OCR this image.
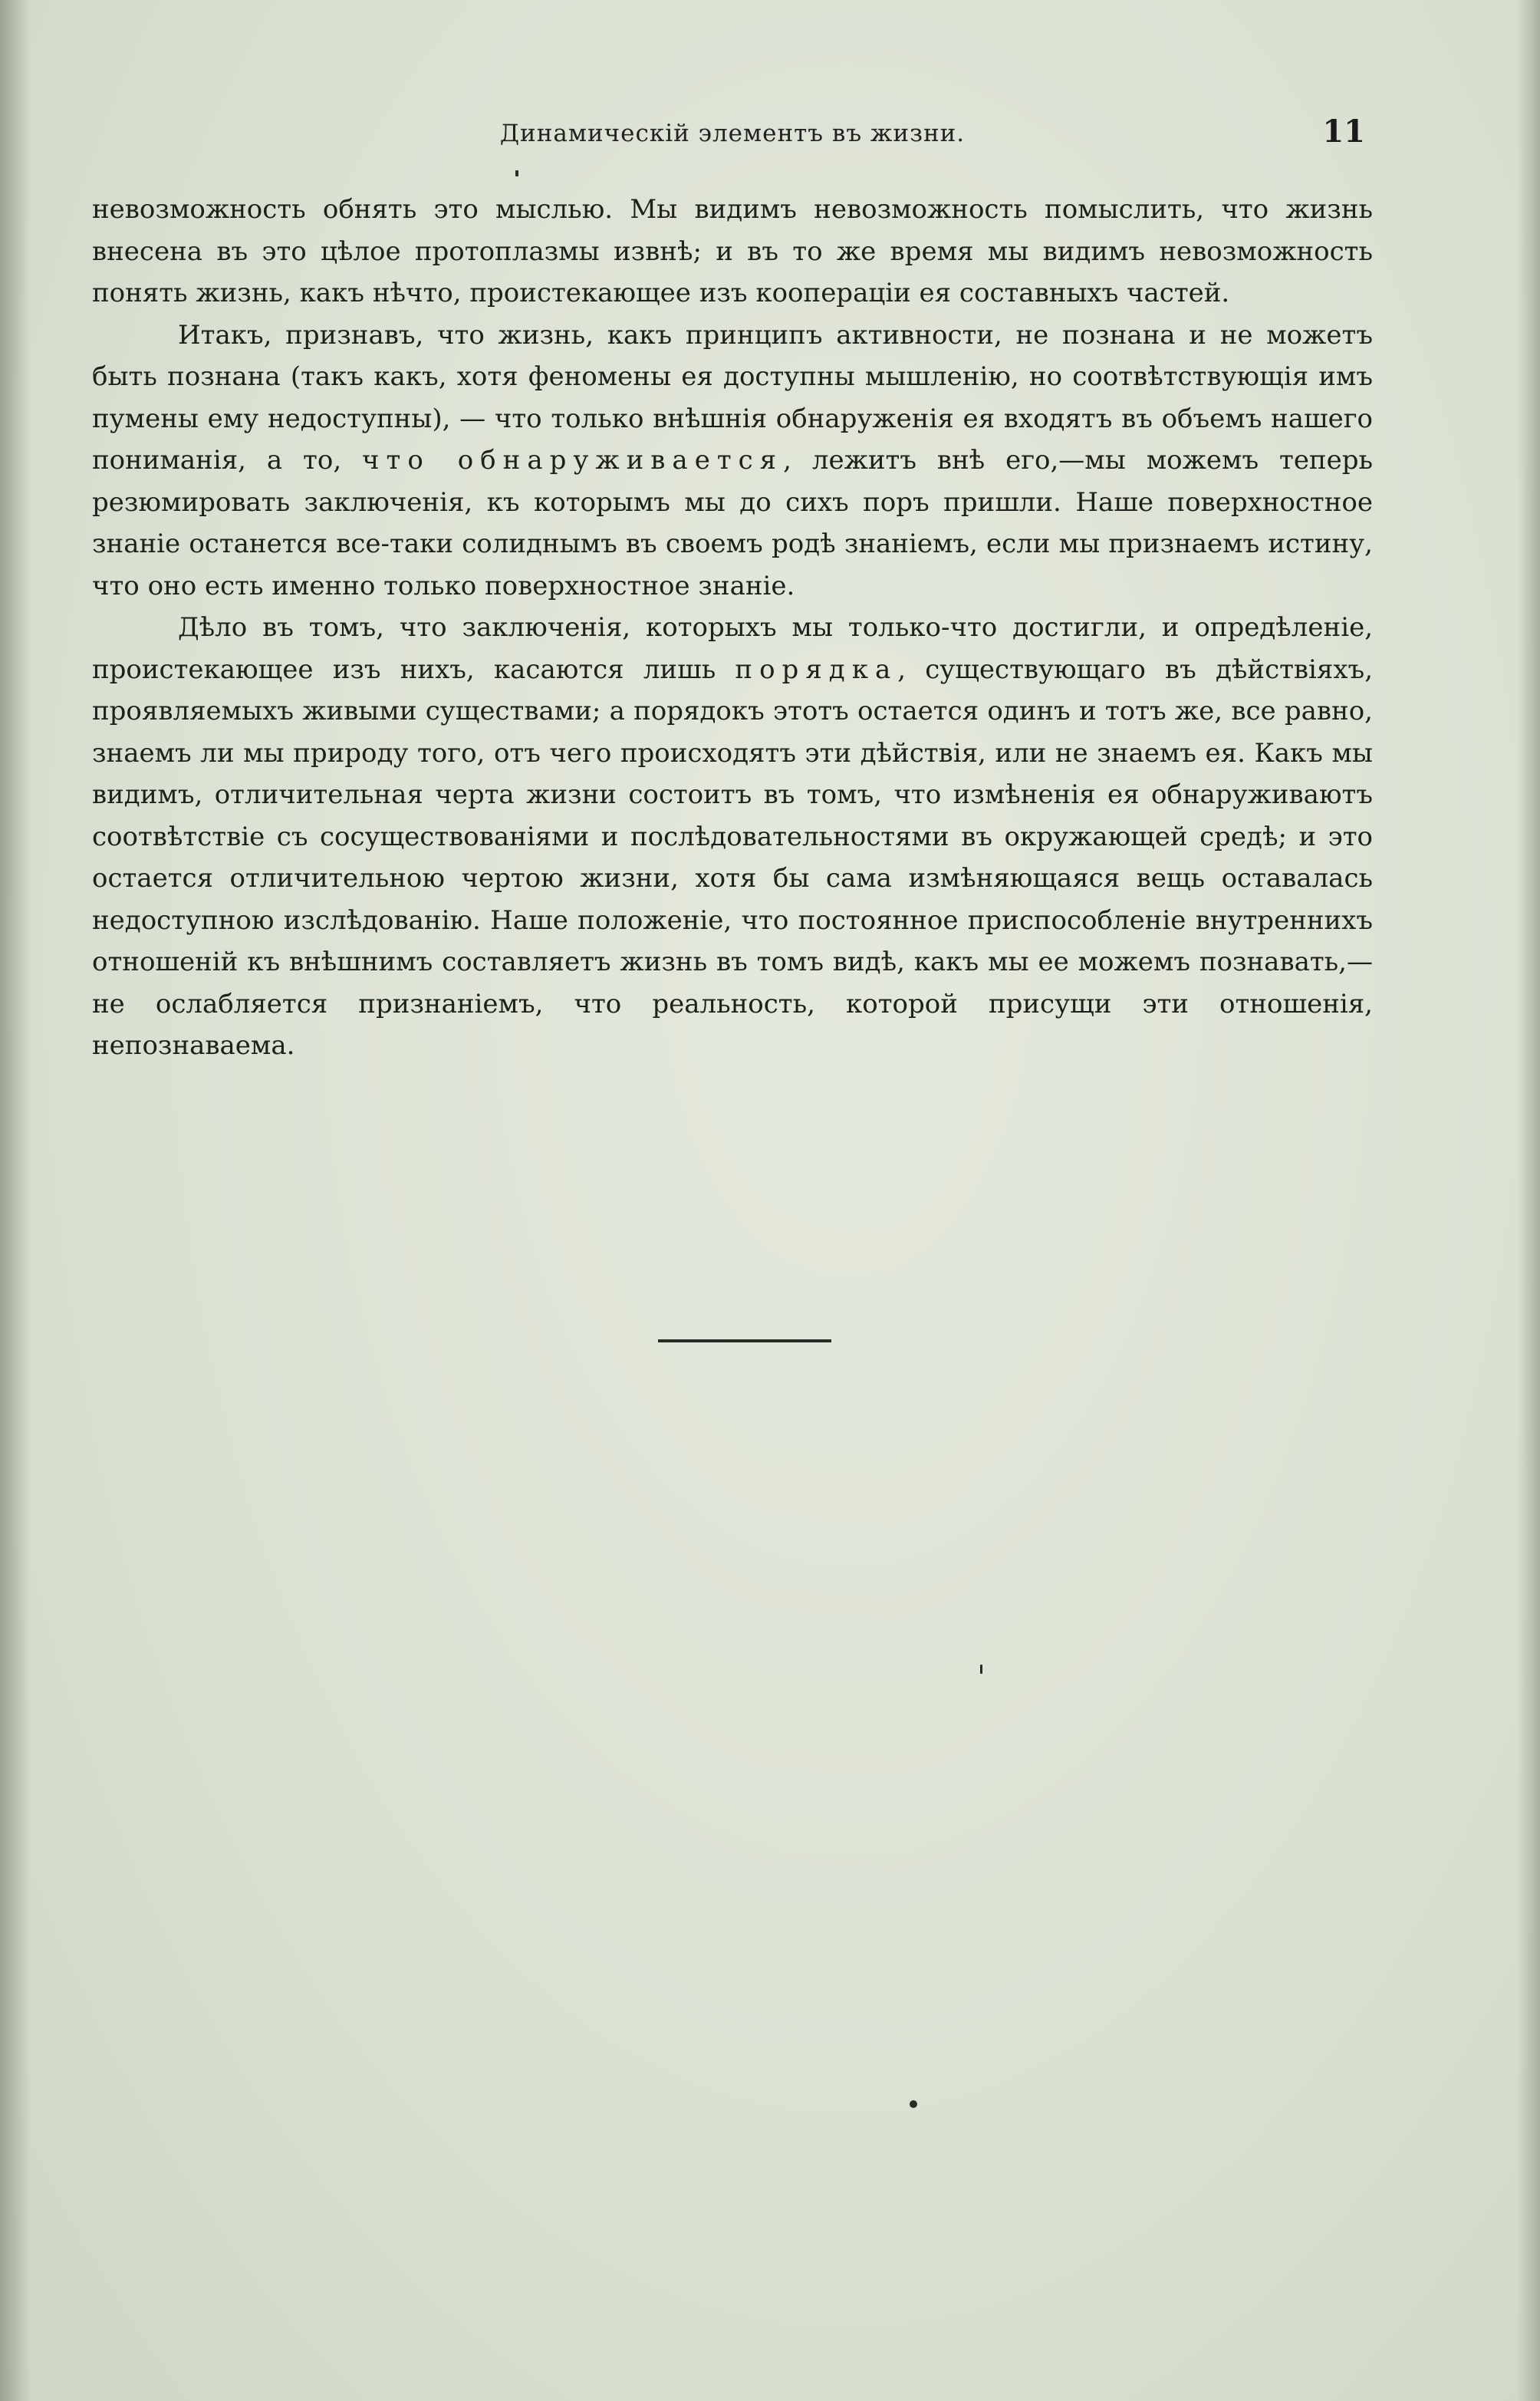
Динамическій элементъ въ жизни.	11

невозможность обнять это мыслью. Мы видимъ невозможность помыслить, что жизнь внесена въ это цѣлое протоплазмы извнѣ; и въ то же время мы видимъ невозможность понять жизнь, какъ нѣчто, проистекающее изъ кооперацiи ея составныхъ частей.

Итакъ, признавъ, что жизнь, какъ принципъ активности, не познана и не можетъ быть познана (такъ какъ, хотя феномены ея доступны мышленiю, но соотвѣтствующiя имъ пумены ему недоступны), — что только внѣшнiя обнаруженiя ея входятъ въ объемъ нашего пониманiя, а то, что обнаруживается, лежитъ внѣ его,—мы можемъ теперь резюмировать заключенiя, къ которымъ мы до сихъ поръ пришли. Наше поверхностное знанiе останется все-таки солиднымъ въ своемъ родѣ знанiемъ, если мы признаемъ истину, что оно есть именно только поверхностное знанiе.

Дѣло въ томъ, что заключенiя, которыхъ мы только-что достигли, и опредѣленiе, проистекающее изъ нихъ, касаются лишь порядка, существующаго въ дѣйствiяхъ, проявляемыхъ живыми существами; а порядокъ этотъ остается одинъ и тотъ же, все равно, знаемъ ли мы природу того, отъ чего происходятъ эти дѣйствiя, или не знаемъ ея. Какъ мы видимъ, отличительная черта жизни состоитъ въ томъ, что измѣненiя ея обнаруживаютъ соотвѣтствiе съ сосуществованiями и послѣдовательностями въ окружающей средѣ; и это остается отличительною чертою жизни, хотя бы сама измѣняющаяся вещь оставалась недоступною изслѣдованiю. Наше положенiе, что постоянное приспособленiе внутреннихъ отношенiй къ внѣшнимъ составляетъ жизнь въ томъ видѣ, какъ мы ее можемъ познавать,—не ослабляется признанiемъ, что реальность, которой присущи эти отношенiя, непознаваема.
